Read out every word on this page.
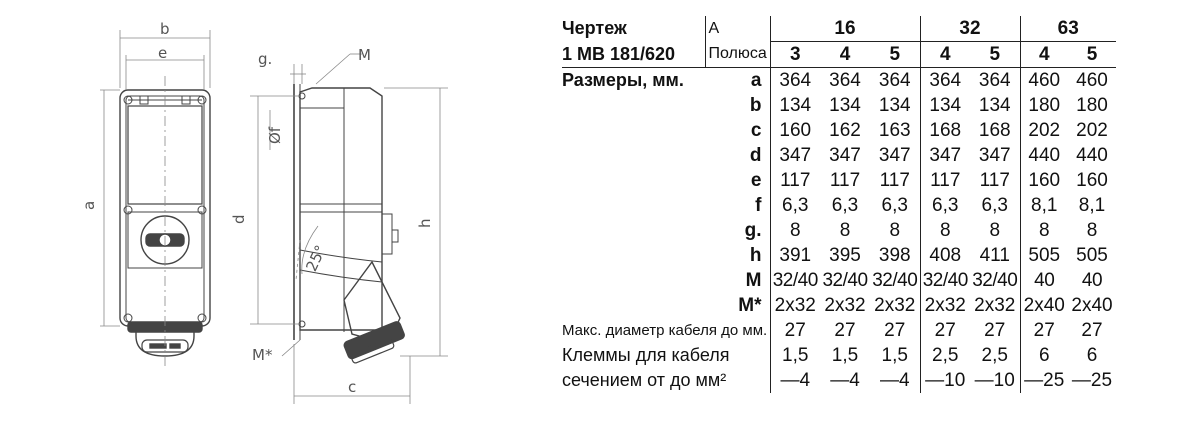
b
e
a
d	h
c
Øf
g.	M
M*
25°
Чертеж	A	16			32		63	
1 МВ 181/620	Полюса	3	4	5	4	5	4	5
Размеры, мм.	a	364	364	364	364	364	460	460
	b	134	134	134	134	134	180	180
	c	160	162	163	168	168	202	202
	d	347	347	347	347	347	440	440
	e	117	117	117	117	117	160	160
	f	6,3	6,3	6,3	6,3	6,3	8,1	8,1
	g.	8	8	8	8	8	8	8
	h	391	395	398	408	411	505	505
	M	32/40	32/40	32/40	32/40	32/40	40	40
	M*	2x32	2x32	2x32	2x32	2x32	2x40	2x40
Макс. диаметр кабеля до мм.		27	27	27	27	27	27	27
Клеммы для кабеля		1,5	1,5	1,5	2,5	2,5	6	6
сечением от до мм²		—4	—4	—4	—10	—10	—25	—25
